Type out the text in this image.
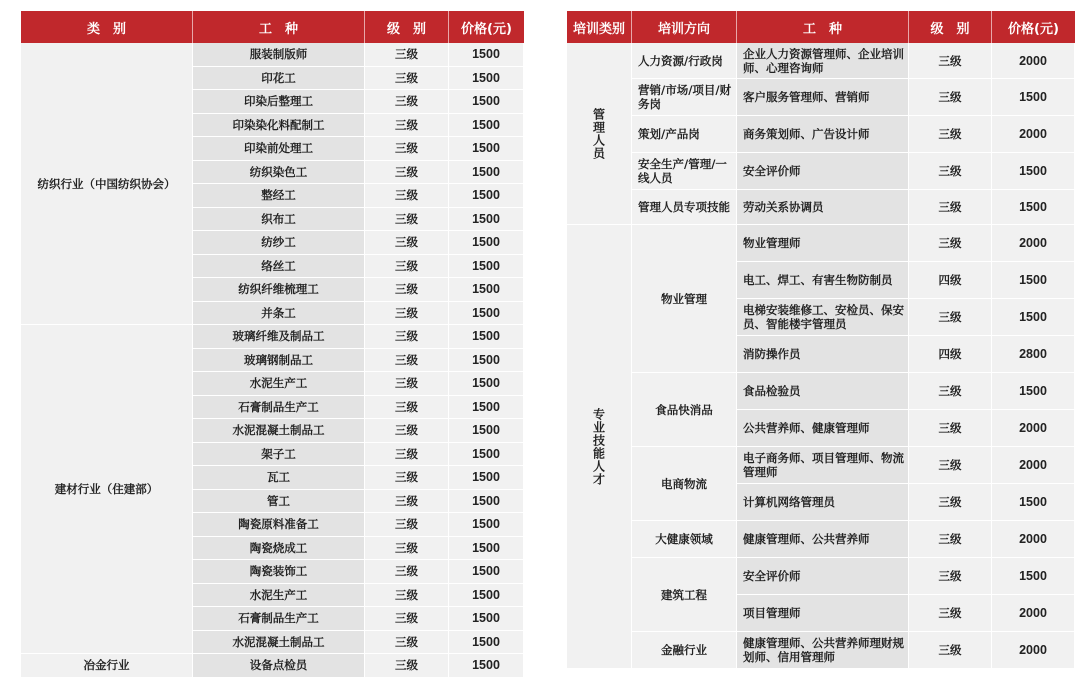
类　别	工　种	级　别	价格(元)
纺织行业（中国纺织协会）	服装制版师	三级	1500
	印花工	三级	1500
	印染后整理工	三级	1500
	印染染化料配制工	三级	1500
	印染前处理工	三级	1500
	纺织染色工	三级	1500
	整经工	三级	1500
	织布工	三级	1500
	纺纱工	三级	1500
	络丝工	三级	1500
	纺织纤维梳理工	三级	1500
	并条工	三级	1500
建材行业（住建部）	玻璃纤维及制品工	三级	1500
	玻璃钢制品工	三级	1500
	水泥生产工	三级	1500
	石膏制品生产工	三级	1500
	水泥混凝土制品工	三级	1500
	架子工	三级	1500
	瓦工	三级	1500
	管工	三级	1500
	陶瓷原料准备工	三级	1500
	陶瓷烧成工	三级	1500
	陶瓷装饰工	三级	1500
	水泥生产工	三级	1500
	石膏制品生产工	三级	1500
	水泥混凝土制品工	三级	1500
冶金行业	设备点检员	三级	1500
培训类别	培训方向	工　种	级　别	价格(元)

管理人员	人力资源/行政岗	企业人力资源管理师、企业培训师、心理咨询师	三级	2000
	营销/市场/项目/财务岗	客户服务管理师、营销师	三级	1500
	策划/产品岗	商务策划师、广告设计师	三级	2000
	安全生产/管理/一线人员	安全评价师	三级	1500
	管理人员专项技能	劳动关系协调员	三级	1500

专业技能人才	物业管理	物业管理师	三级	2000
		电工、焊工、有害生物防制员	四级	1500
		电梯安装维修工、安检员、保安员、智能楼宇管理员	三级	1500
		消防操作员	四级	2800
	食品快消品	食品检验员	三级	1500
		公共营养师、健康管理师	三级	2000
	电商物流	电子商务师、项目管理师、物流管理师	三级	2000
		计算机网络管理员	三级	1500
	大健康领域	健康管理师、公共营养师	三级	2000
	建筑工程	安全评价师	三级	1500
		项目管理师	三级	2000
	金融行业	健康管理师、公共营养师理财规划师、信用管理师	三级	2000
